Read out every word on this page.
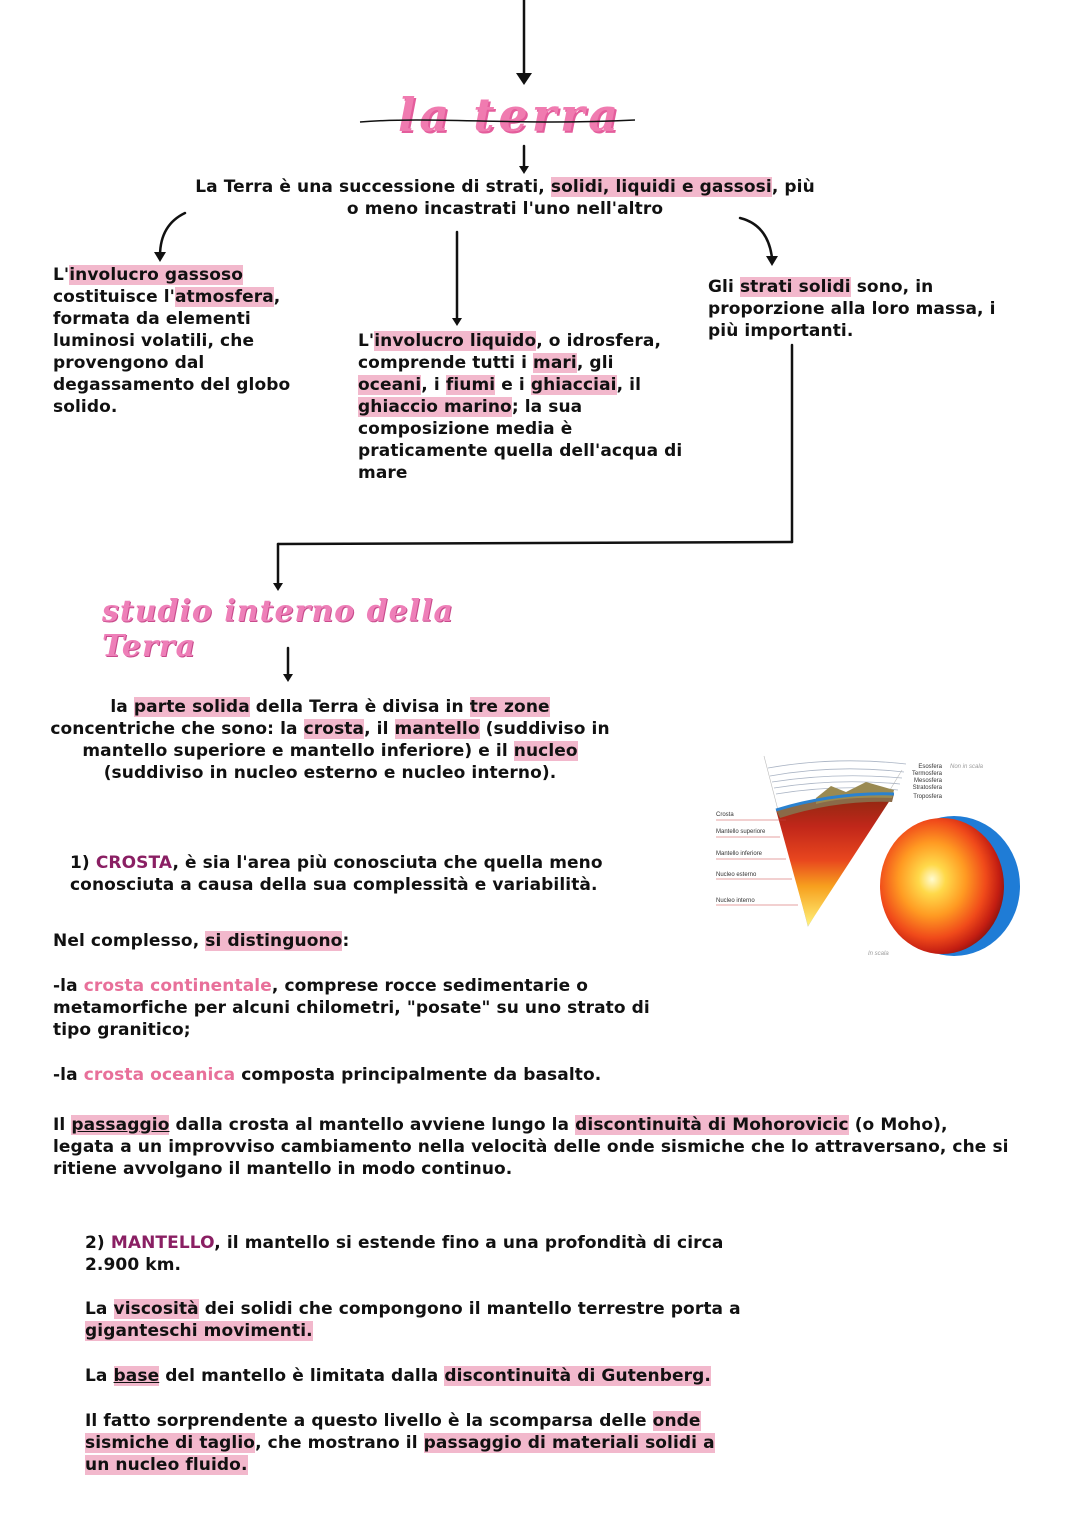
la terra
La Terra è una successione di strati, solidi, liquidi e gassosi, più
o meno incastrati l'uno nell'altro
L'involucro gassoso costituisce l'atmosfera, formata da elementi luminosi volatili, che provengono dal degassamento del globo solido.
L'involucro liquido, o idrosfera, comprende tutti i mari, gli oceani, i fiumi e i ghiacciai, il ghiaccio marino; la sua composizione media è praticamente quella dell'acqua di mare
Gli strati solidi sono, in proporzione alla loro massa, i più importanti.
studio interno della Terra
la parte solida della Terra è divisa in tre zone concentriche che sono: la crosta, il mantello (suddiviso in mantello superiore e mantello inferiore) e il nucleo (suddiviso in nucleo esterno e nucleo interno).	Esosfera
Termosfera
Mesosfera
Stratosfera
Troposfera
Non in scala
Crosta
Mantello superiore
Mantello inferiore
Nucleo esterno
Nucleo interno
In scala
1) CROSTA, è sia l'area più conosciuta che quella meno conosciuta a causa della sua complessità e variabilità.
Nel complesso, si distinguono:
-la crosta continentale, comprese rocce sedimentarie o metamorfiche per alcuni chilometri, "posate" su uno strato di tipo granitico;
-la crosta oceanica composta principalmente da basalto.
Il passaggio dalla crosta al mantello avviene lungo la discontinuità di Mohorovicic (o Moho), legata a un improvviso cambiamento nella velocità delle onde sismiche che lo attraversano, che si ritiene avvolgano il mantello in modo continuo.
2) MANTELLO, il mantello si estende fino a una profondità di circa 2.900 km.
La viscosità dei solidi che compongono il mantello terrestre porta a giganteschi movimenti.
La base del mantello è limitata dalla discontinuità di Gutenberg.
Il fatto sorprendente a questo livello è la scomparsa delle onde sismiche di taglio, che mostrano il passaggio di materiali solidi a un nucleo fluido.
